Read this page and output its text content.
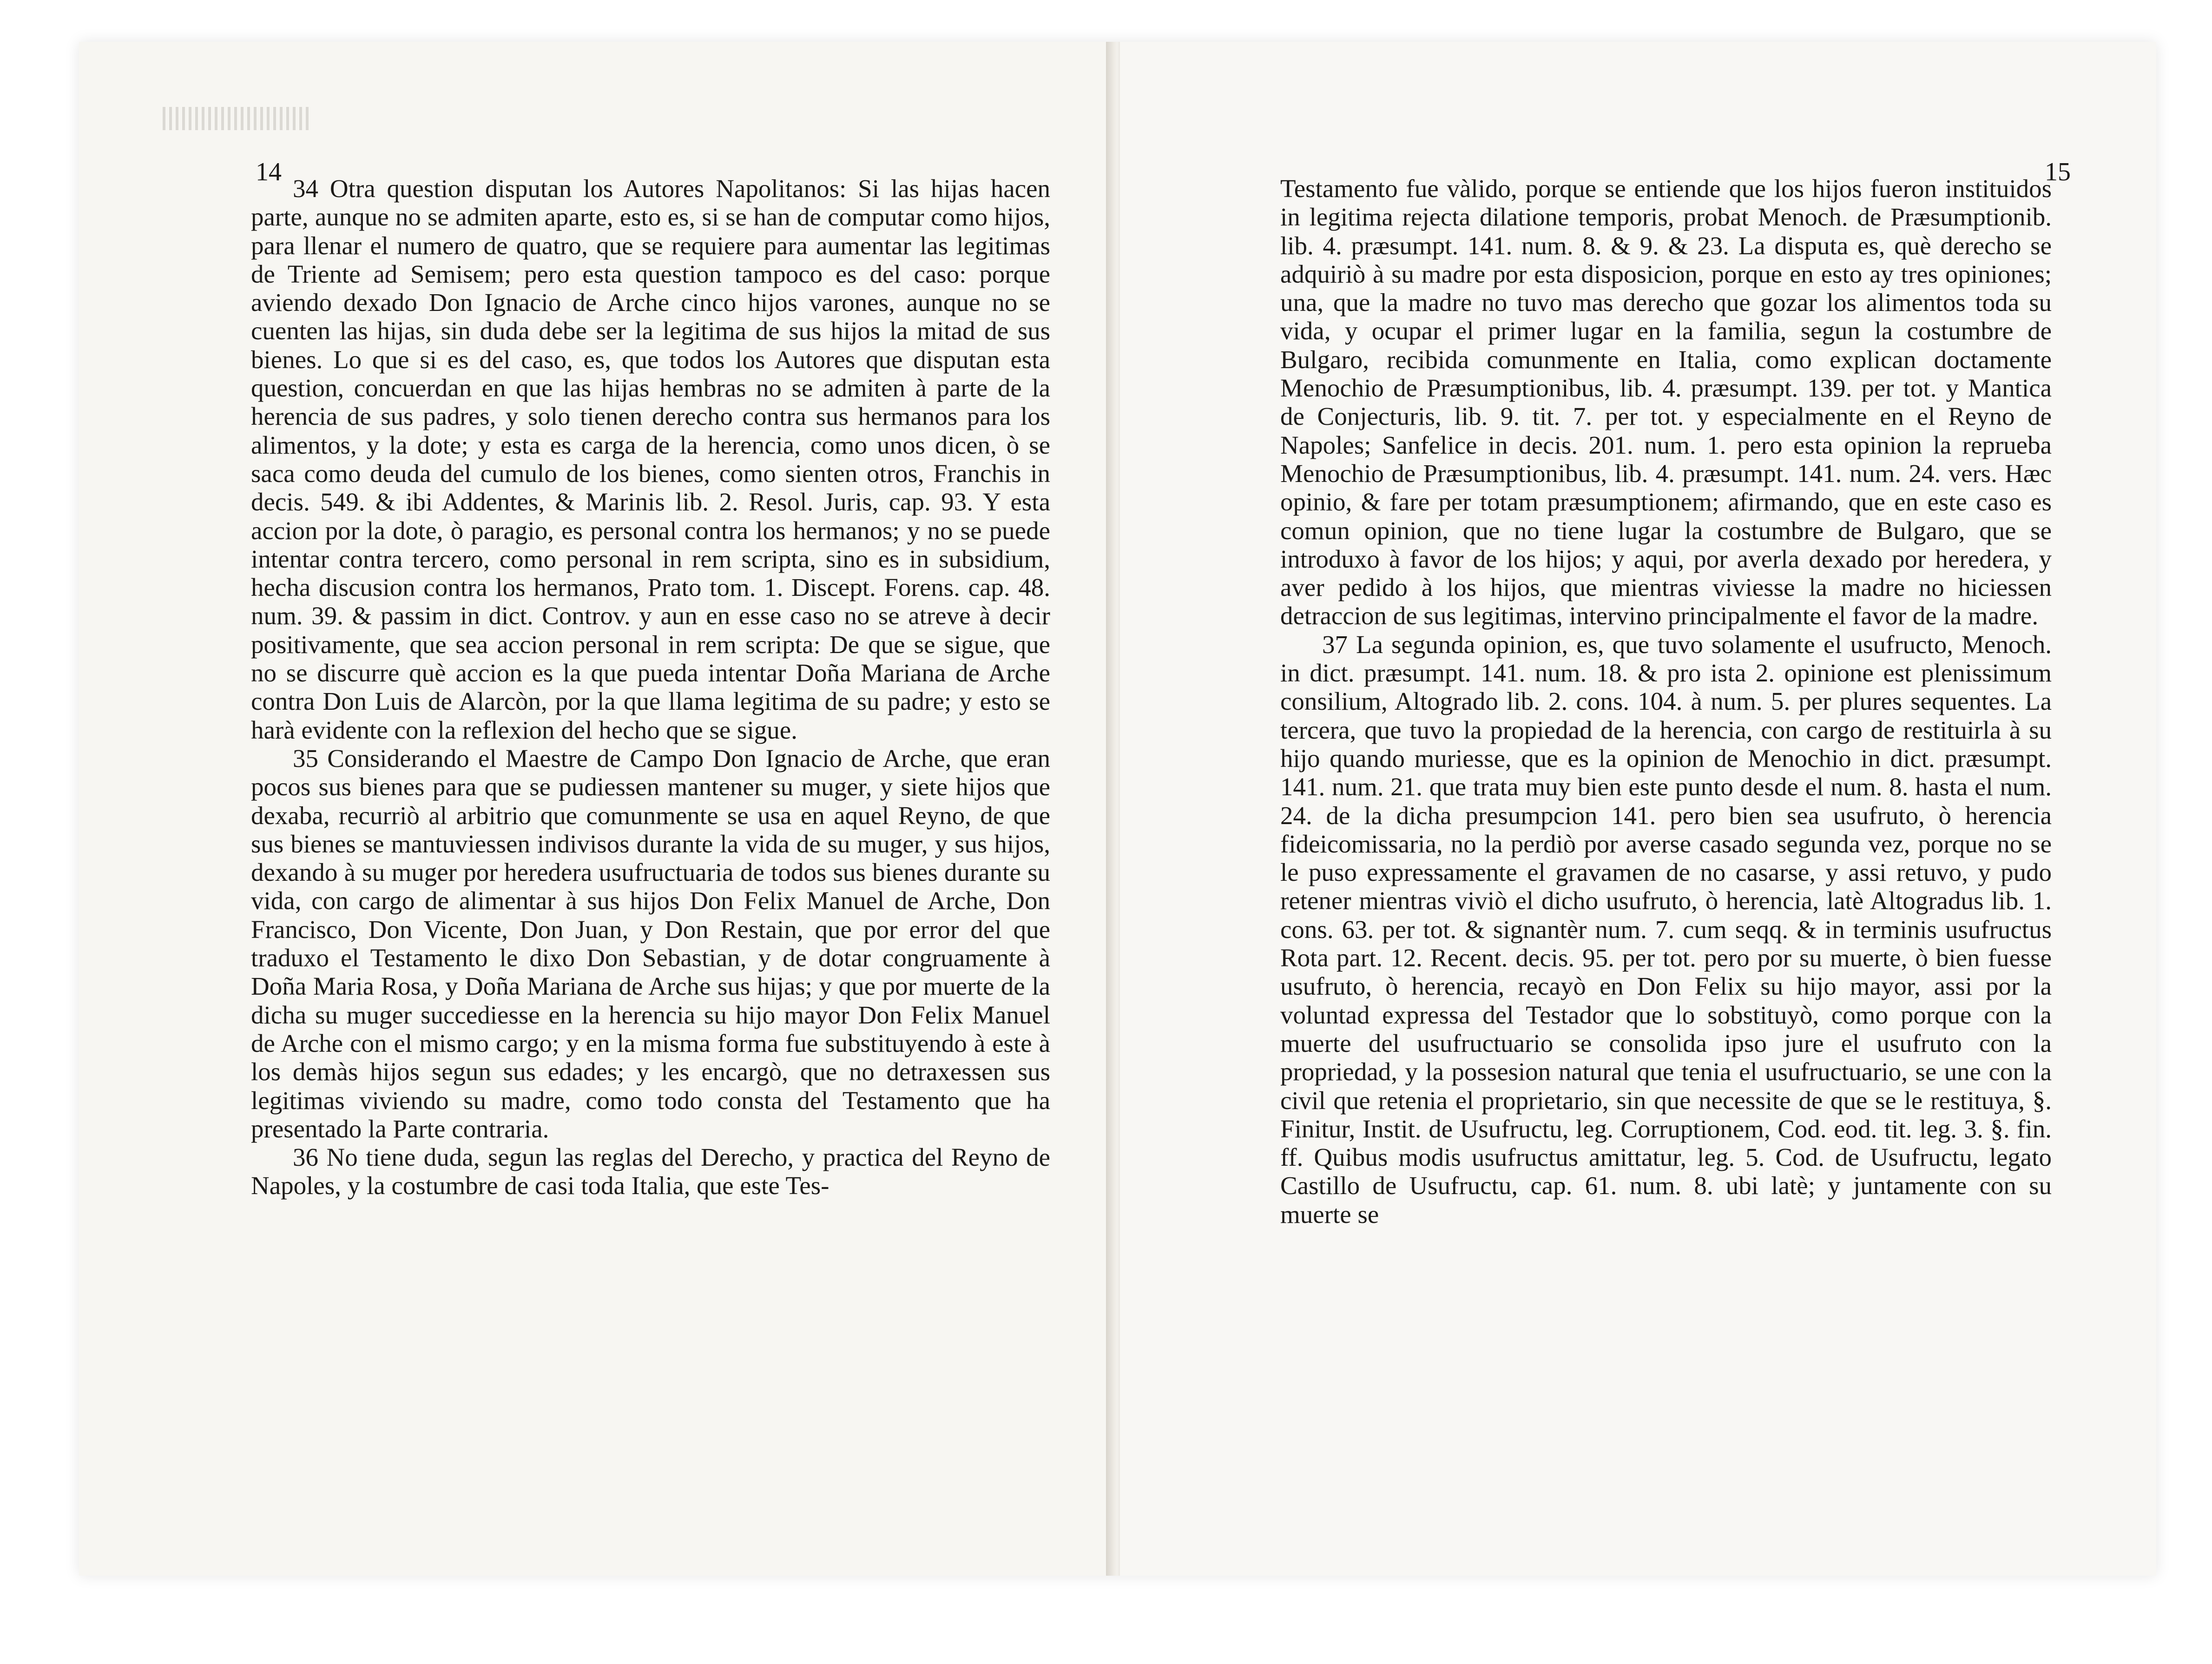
14

34 Otra question disputan los Autores Napolitanos: Si las hijas hacen parte, aunque no se admiten aparte, esto es, si se han de computar como hijos, para llenar el numero de quatro, que se requiere para aumentar las legitimas de Triente ad Semisem; pero esta question tampoco es del caso: porque aviendo dexado Don Ignacio de Arche cinco hijos varones, aunque no se cuenten las hijas, sin duda debe ser la legitima de sus hijos la mitad de sus bienes. Lo que si es del caso, es, que todos los Autores que disputan esta question, concuerdan en que las hijas hembras no se admiten à parte de la herencia de sus padres, y solo tienen derecho contra sus hermanos para los alimentos, y la dote; y esta es carga de la herencia, como unos dicen, ò se saca como deuda del cumulo de los bienes, como sienten otros, Franchis in decis. 549. & ibi Addentes, & Marinis lib. 2. Resol. Juris, cap. 93. Y esta accion por la dote, ò paragio, es personal contra los hermanos; y no se puede intentar contra tercero, como personal in rem scripta, sino es in subsidium, hecha discusion contra los hermanos, Prato tom. 1. Discept. Forens. cap. 48. num. 39. & passim in dict. Controv. y aun en esse caso no se atreve à decir positivamente, que sea accion personal in rem scripta: De que se sigue, que no se discurre què accion es la que pueda intentar Doña Mariana de Arche contra Don Luis de Alarcòn, por la que llama legitima de su padre; y esto se harà evidente con la reflexion del hecho que se sigue.

35 Considerando el Maestre de Campo Don Ignacio de Arche, que eran pocos sus bienes para que se pudiessen mantener su muger, y siete hijos que dexaba, recurriò al arbitrio que comunmente se usa en aquel Reyno, de que sus bienes se mantuviessen indivisos durante la vida de su muger, y sus hijos, dexando à su muger por heredera usufructuaria de todos sus bienes durante su vida, con cargo de alimentar à sus hijos Don Felix Manuel de Arche, Don Francisco, Don Vicente, Don Juan, y Don Restain, que por error del que traduxo el Testamento le dixo Don Sebastian, y de dotar congruamente à Doña Maria Rosa, y Doña Mariana de Arche sus hijas; y que por muerte de la dicha su muger succediesse en la herencia su hijo mayor Don Felix Manuel de Arche con el mismo cargo; y en la misma forma fue substituyendo à este à los demàs hijos segun sus edades; y les encargò, que no detraxessen sus legitimas viviendo su madre, como todo consta del Testamento que ha presentado la Parte contraria.

36 No tiene duda, segun las reglas del Derecho, y practica del Reyno de Napoles, y la costumbre de casi toda Italia, que este Tes-

15

Testamento fue vàlido, porque se entiende que los hijos fueron instituidos in legitima rejecta dilatione temporis, probat Menoch. de Præsumptionib. lib. 4. præsumpt. 141. num. 8. & 9. & 23. La disputa es, què derecho se adquiriò à su madre por esta disposicion, porque en esto ay tres opiniones; una, que la madre no tuvo mas derecho que gozar los alimentos toda su vida, y ocupar el primer lugar en la familia, segun la costumbre de Bulgaro, recibida comunmente en Italia, como explican doctamente Menochio de Præsumptionibus, lib. 4. præsumpt. 139. per tot. y Mantica de Conjecturis, lib. 9. tit. 7. per tot. y especialmente en el Reyno de Napoles; Sanfelice in decis. 201. num. 1. pero esta opinion la reprueba Menochio de Præsumptionibus, lib. 4. præsumpt. 141. num. 24. vers. Hæc opinio, & fare per totam præsumptionem; afirmando, que en este caso es comun opinion, que no tiene lugar la costumbre de Bulgaro, que se introduxo à favor de los hijos; y aqui, por averla dexado por heredera, y aver pedido à los hijos, que mientras viviesse la madre no hiciessen detraccion de sus legitimas, intervino principalmente el favor de la madre.

37 La segunda opinion, es, que tuvo solamente el usufructo, Menoch. in dict. præsumpt. 141. num. 18. & pro ista 2. opinione est plenissimum consilium, Altogrado lib. 2. cons. 104. à num. 5. per plures sequentes. La tercera, que tuvo la propiedad de la herencia, con cargo de restituirla à su hijo quando muriesse, que es la opinion de Menochio in dict. præsumpt. 141. num. 21. que trata muy bien este punto desde el num. 8. hasta el num. 24. de la dicha presumpcion 141. pero bien sea usufruto, ò herencia fideicomissaria, no la perdiò por averse casado segunda vez, porque no se le puso expressamente el gravamen de no casarse, y assi retuvo, y pudo retener mientras viviò el dicho usufruto, ò herencia, latè Altogradus lib. 1. cons. 63. per tot. & signantèr num. 7. cum seqq. & in terminis usufructus Rota part. 12. Recent. decis. 95. per tot. pero por su muerte, ò bien fuesse usufruto, ò herencia, recayò en Don Felix su hijo mayor, assi por la voluntad expressa del Testador que lo sobstituyò, como porque con la muerte del usufructuario se consolida ipso jure el usufruto con la propriedad, y la possesion natural que tenia el usufructuario, se une con la civil que retenia el proprietario, sin que necessite de que se le restituya, §. Finitur, Instit. de Usufructu, leg. Corruptionem, Cod. eod. tit. leg. 3. §. fin. ff. Quibus modis usufructus amittatur, leg. 5. Cod. de Usufructu, legato Castillo de Usufructu, cap. 61. num. 8. ubi latè; y juntamente con su muerte se
